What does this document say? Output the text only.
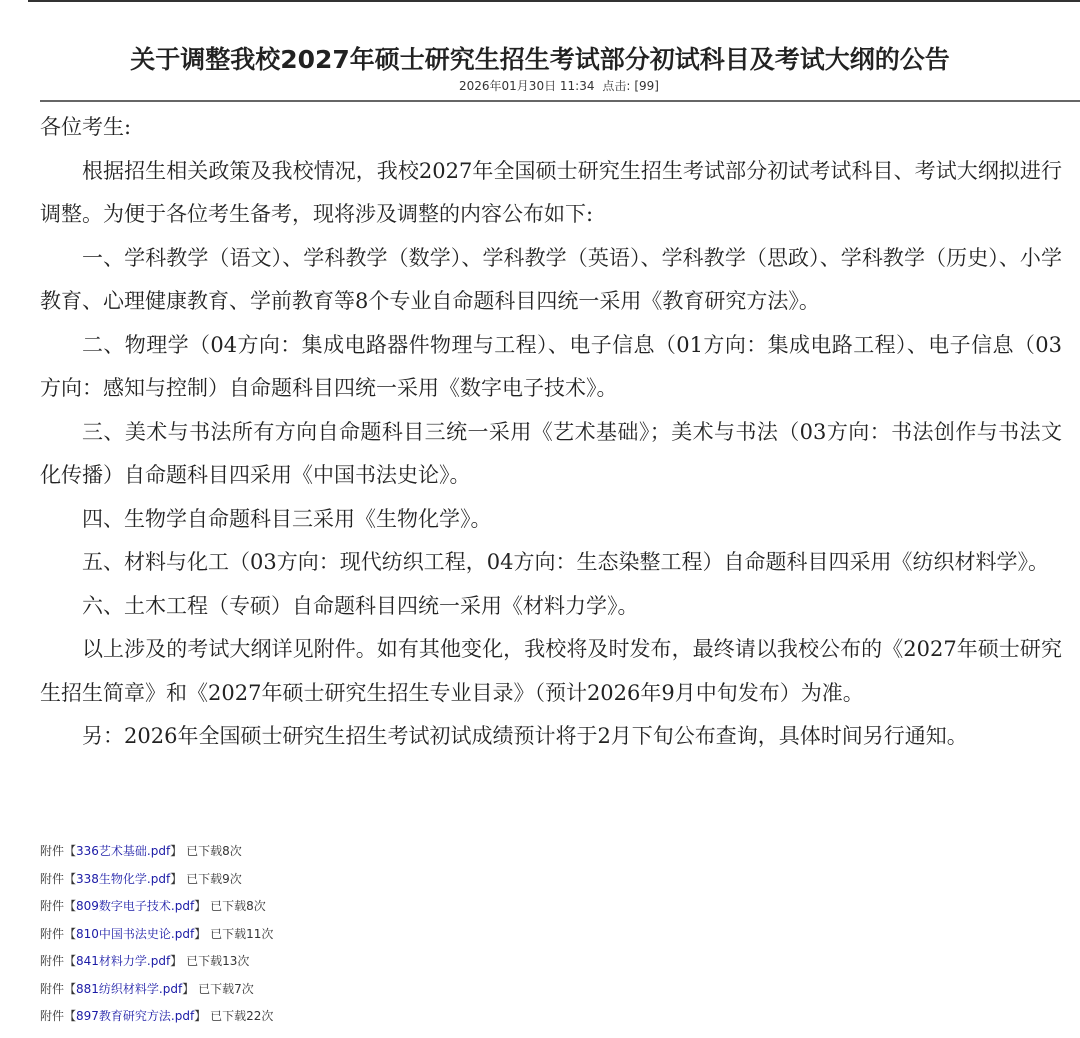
关于调整我校2027年硕士研究生招生考试部分初试科目及考试大纲的公告
2026年01月30日 11:34 点击: [99]

各位考生:

根据招生相关政策及我校情况，我校2027年全国硕士研究生招生考试部分初试考试科目、考试大纲拟进行调整。为便于各位考生备考，现将涉及调整的内容公布如下:

一、学科教学（语文）、学科教学（数学）、学科教学（英语）、学科教学（思政）、学科教学（历史）、小学教育、心理健康教育、学前教育等8个专业自命题科目四统一采用《教育研究方法》。

二、物理学（04方向：集成电路器件物理与工程）、电子信息（01方向：集成电路工程）、电子信息（03方向：感知与控制）自命题科目四统一采用《数字电子技术》。

三、美术与书法所有方向自命题科目三统一采用《艺术基础》；美术与书法（03方向：书法创作与书法文化传播）自命题科目四采用《中国书法史论》。

四、生物学自命题科目三采用《生物化学》。

五、材料与化工（03方向：现代纺织工程，04方向：生态染整工程）自命题科目四采用《纺织材料学》。

六、土木工程（专硕）自命题科目四统一采用《材料力学》。

以上涉及的考试大纲详见附件。如有其他变化，我校将及时发布，最终请以我校公布的《2027年硕士研究生招生简章》和《2027年硕士研究生招生专业目录》（预计2026年9月中旬发布）为准。

另：2026年全国硕士研究生招生考试初试成绩预计将于2月下旬公布查询，具体时间另行通知。

附件【336艺术基础.pdf】 已下载8次
附件【338生物化学.pdf】 已下载9次
附件【809数字电子技术.pdf】 已下载8次
附件【810中国书法史论.pdf】 已下载11次
附件【841材料力学.pdf】 已下载13次
附件【881纺织材料学.pdf】 已下载7次
附件【897教育研究方法.pdf】 已下载22次
